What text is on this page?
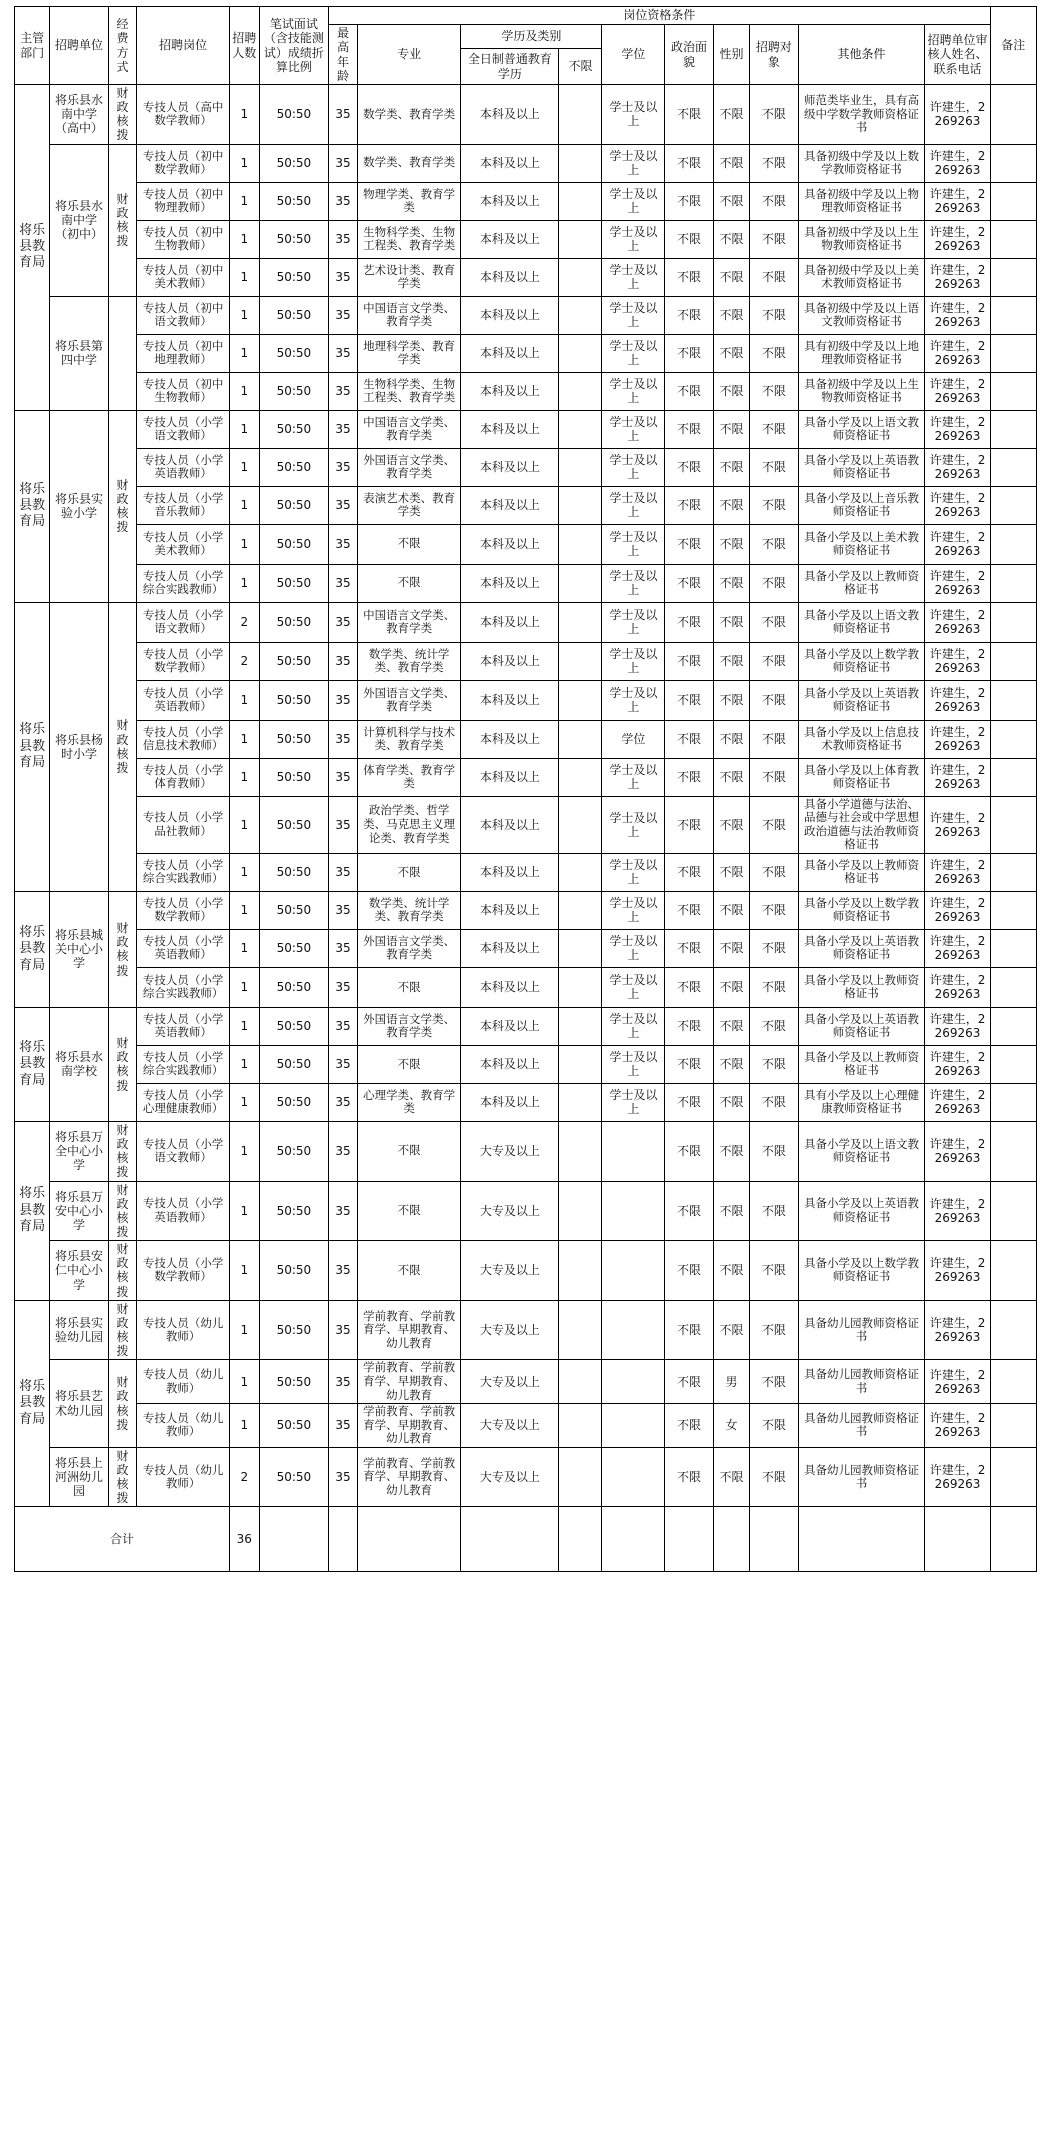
主管部门	招聘单位	经费方式	招聘岗位	招聘人数	笔试面试（含技能测试）成绩折算比例	岗位资格条件										备注
						最高年龄	专业	学历及类别		学位	政治面貌	性别	招聘对象	其他条件	招聘单位审核人姓名、联系电话	
								全日制普通教育学历	不限							
将乐县教育局	将乐县水南中学（高中）	财政核拨	专技人员（高中数学教师）	1	50:50	35	数学类、教育学类	本科及以上		学士及以上	不限	不限	不限	师范类毕业生，具有高级中学数学教师资格证书	许建生，2269263	
	将乐县水南中学（初中）	财政核拨	专技人员（初中数学教师）	1	50:50	35	数学类、教育学类	本科及以上		学士及以上	不限	不限	不限	具备初级中学及以上数学教师资格证书	许建生，2269263	
			专技人员（初中物理教师）	1	50:50	35	物理学类、教育学类	本科及以上		学士及以上	不限	不限	不限	具备初级中学及以上物理教师资格证书	许建生，2269263	
			专技人员（初中生物教师）	1	50:50	35	生物科学类、生物工程类、教育学类	本科及以上		学士及以上	不限	不限	不限	具备初级中学及以上生物教师资格证书	许建生，2269263	
			专技人员（初中美术教师）	1	50:50	35	艺术设计类、教育学类	本科及以上		学士及以上	不限	不限	不限	具备初级中学及以上美术教师资格证书	许建生，2269263	
	将乐县第四中学		专技人员（初中语文教师）	1	50:50	35	中国语言文学类、教育学类	本科及以上		学士及以上	不限	不限	不限	具备初级中学及以上语文教师资格证书	许建生，2269263	
			专技人员（初中地理教师）	1	50:50	35	地理科学类、教育学类	本科及以上		学士及以上	不限	不限	不限	具有初级中学及以上地理教师资格证书	许建生，2269263	
			专技人员（初中生物教师）	1	50:50	35	生物科学类、生物工程类、教育学类	本科及以上		学士及以上	不限	不限	不限	具备初级中学及以上生物教师资格证书	许建生，2269263	
将乐县教育局	将乐县实验小学	财政核拨	专技人员（小学语文教师）	1	50:50	35	中国语言文学类、教育学类	本科及以上		学士及以上	不限	不限	不限	具备小学及以上语文教师资格证书	许建生，2269263	
			专技人员（小学英语教师）	1	50:50	35	外国语言文学类、教育学类	本科及以上		学士及以上	不限	不限	不限	具备小学及以上英语教师资格证书	许建生，2269263	
			专技人员（小学音乐教师）	1	50:50	35	表演艺术类、教育学类	本科及以上		学士及以上	不限	不限	不限	具备小学及以上音乐教师资格证书	许建生，2269263	
			专技人员（小学美术教师）	1	50:50	35	不限	本科及以上		学士及以上	不限	不限	不限	具备小学及以上美术教师资格证书	许建生，2269263	
			专技人员（小学综合实践教师）	1	50:50	35	不限	本科及以上		学士及以上	不限	不限	不限	具备小学及以上教师资格证书	许建生，2269263	
将乐县教育局	将乐县杨时小学	财政核拨	专技人员（小学语文教师）	2	50:50	35	中国语言文学类、教育学类	本科及以上		学士及以上	不限	不限	不限	具备小学及以上语文教师资格证书	许建生，2269263	
			专技人员（小学数学教师）	2	50:50	35	数学类、统计学类、教育学类	本科及以上		学士及以上	不限	不限	不限	具备小学及以上数学教师资格证书	许建生，2269263	
			专技人员（小学英语教师）	1	50:50	35	外国语言文学类、教育学类	本科及以上		学士及以上	不限	不限	不限	具备小学及以上英语教师资格证书	许建生，2269263	
			专技人员（小学信息技术教师）	1	50:50	35	计算机科学与技术类、教育学类	本科及以上		学位	不限	不限	不限	具备小学及以上信息技术教师资格证书	许建生，2269263	
			专技人员（小学体育教师）	1	50:50	35	体育学类、教育学类	本科及以上		学士及以上	不限	不限	不限	具备小学及以上体育教师资格证书	许建生，2269263	
			专技人员（小学品社教师）	1	50:50	35	政治学类、哲学类、马克思主义理论类、教育学类	本科及以上		学士及以上	不限	不限	不限	具备小学道德与法治、品德与社会或中学思想政治道德与法治教师资格证书	许建生，2269263	
			专技人员（小学综合实践教师）	1	50:50	35	不限	本科及以上		学士及以上	不限	不限	不限	具备小学及以上教师资格证书	许建生，2269263	
将乐县教育局	将乐县城关中心小学	财政核拨	专技人员（小学数学教师）	1	50:50	35	数学类、统计学类、教育学类	本科及以上		学士及以上	不限	不限	不限	具备小学及以上数学教师资格证书	许建生，2269263	
			专技人员（小学英语教师）	1	50:50	35	外国语言文学类、教育学类	本科及以上		学士及以上	不限	不限	不限	具备小学及以上英语教师资格证书	许建生，2269263	
			专技人员（小学综合实践教师）	1	50:50	35	不限	本科及以上		学士及以上	不限	不限	不限	具备小学及以上教师资格证书	许建生，2269263	
将乐县教育局	将乐县水南学校	财政核拨	专技人员（小学英语教师）	1	50:50	35	外国语言文学类、教育学类	本科及以上		学士及以上	不限	不限	不限	具备小学及以上英语教师资格证书	许建生，2269263	
			专技人员（小学综合实践教师）	1	50:50	35	不限	本科及以上		学士及以上	不限	不限	不限	具备小学及以上教师资格证书	许建生，2269263	
			专技人员（小学心理健康教师）	1	50:50	35	心理学类、教育学类	本科及以上		学士及以上	不限	不限	不限	具有小学及以上心理健康教师资格证书	许建生，2269263	
将乐县教育局	将乐县万全中心小学	财政核拨	专技人员（小学语文教师）	1	50:50	35	不限	大专及以上			不限	不限	不限	具备小学及以上语文教师资格证书	许建生，2269263	
	将乐县万安中心小学	财政核拨	专技人员（小学英语教师）	1	50:50	35	不限	大专及以上			不限	不限	不限	具备小学及以上英语教师资格证书	许建生，2269263	
	将乐县安仁中心小学	财政核拨	专技人员（小学数学教师）	1	50:50	35	不限	大专及以上			不限	不限	不限	具备小学及以上数学教师资格证书	许建生，2269263	
将乐县教育局	将乐县实验幼儿园	财政核拨	专技人员（幼儿教师）	1	50:50	35	学前教育、学前教育学、早期教育、幼儿教育	大专及以上			不限	不限	不限	具备幼儿园教师资格证书	许建生，2269263	
	将乐县艺术幼儿园	财政核拨	专技人员（幼儿教师）	1	50:50	35	学前教育、学前教育学、早期教育、幼儿教育	大专及以上			不限	男	不限	具备幼儿园教师资格证书	许建生，2269263	
			专技人员（幼儿教师）	1	50:50	35	学前教育、学前教育学、早期教育、幼儿教育	大专及以上			不限	女	不限	具备幼儿园教师资格证书	许建生，2269263	
	将乐县上河洲幼儿园	财政核拨	专技人员（幼儿教师）	2	50:50	35	学前教育、学前教育学、早期教育、幼儿教育	大专及以上			不限	不限	不限	具备幼儿园教师资格证书	许建生，2269263	
合计				36												
